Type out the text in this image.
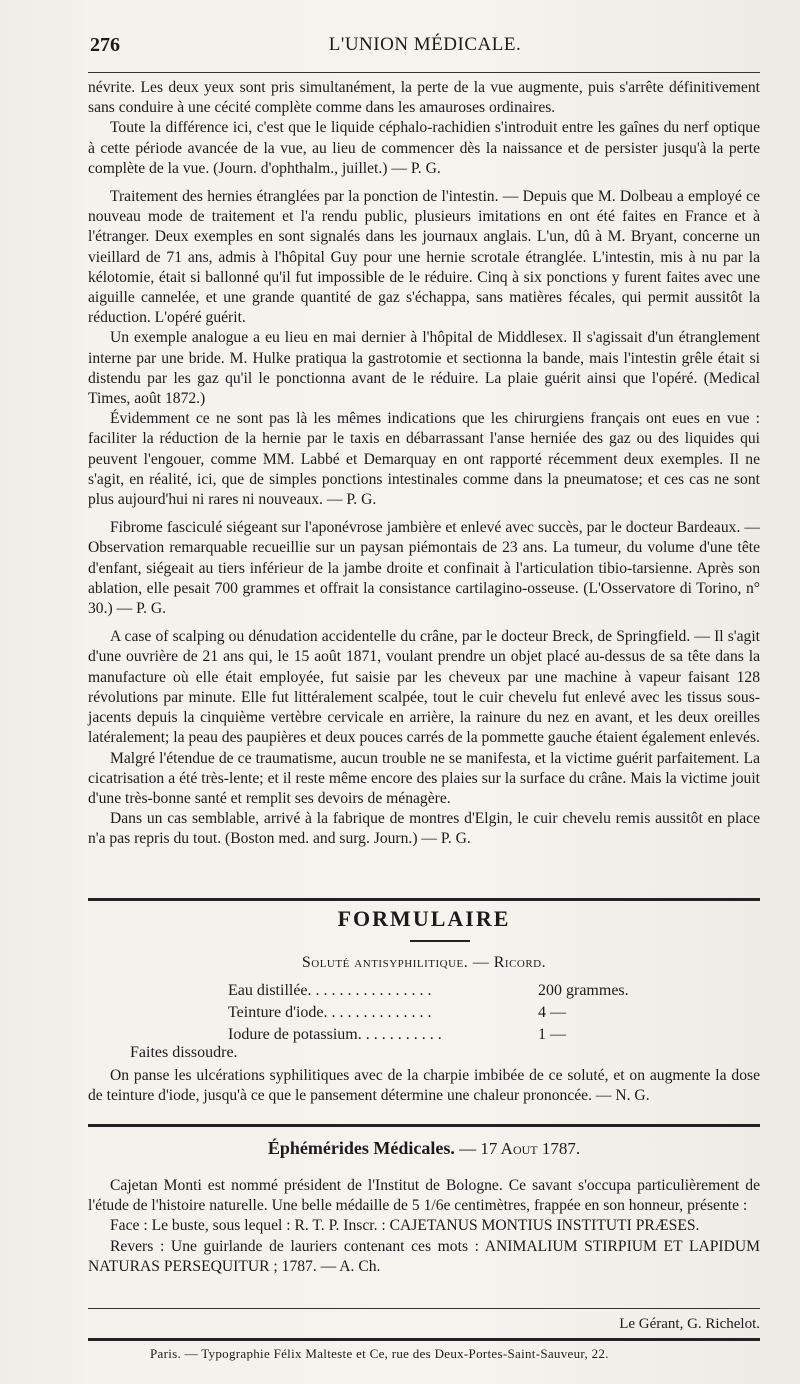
276	L'UNION MÉDICALE.

névrite. Les deux yeux sont pris simultanément, la perte de la vue augmente, puis s'arrête définitivement sans conduire à une cécité complète comme dans les amauroses ordinaires.

Toute la différence ici, c'est que le liquide céphalo-rachidien s'introduit entre les gaînes du nerf optique à cette période avancée de la vue, au lieu de commencer dès la naissance et de persister jusqu'à la perte complète de la vue. (Journ. d'ophthalm., juillet.) — P. G.

Traitement des hernies étranglées par la ponction de l'intestin. — Depuis que M. Dolbeau a employé ce nouveau mode de traitement et l'a rendu public, plusieurs imitations en ont été faites en France et à l'étranger. Deux exemples en sont signalés dans les journaux anglais. L'un, dû à M. Bryant, concerne un vieillard de 71 ans, admis à l'hôpital Guy pour une hernie scrotale étranglée. L'intestin, mis à nu par la kélotomie, était si ballonné qu'il fut impossible de le réduire. Cinq à six ponctions y furent faites avec une aiguille cannelée, et une grande quantité de gaz s'échappa, sans matières fécales, qui permit aussitôt la réduction. L'opéré guérit.

Un exemple analogue a eu lieu en mai dernier à l'hôpital de Middlesex. Il s'agissait d'un étranglement interne par une bride. M. Hulke pratiqua la gastrotomie et sectionna la bande, mais l'intestin grêle était si distendu par les gaz qu'il le ponctionna avant de le réduire. La plaie guérit ainsi que l'opéré. (Medical Times, août 1872.)

Évidemment ce ne sont pas là les mêmes indications que les chirurgiens français ont eues en vue : faciliter la réduction de la hernie par le taxis en débarrassant l'anse herniée des gaz ou des liquides qui peuvent l'engouer, comme MM. Labbé et Demarquay en ont rapporté récemment deux exemples. Il ne s'agit, en réalité, ici, que de simples ponctions intestinales comme dans la pneumatose; et ces cas ne sont plus aujourd'hui ni rares ni nouveaux. — P. G.

Fibrome fasciculé siégeant sur l'aponévrose jambière et enlevé avec succès, par le docteur Bardeaux. — Observation remarquable recueillie sur un paysan piémontais de 23 ans. La tumeur, du volume d'une tête d'enfant, siégeait au tiers inférieur de la jambe droite et confinait à l'articulation tibio-tarsienne. Après son ablation, elle pesait 700 grammes et offrait la consistance cartilagino-osseuse. (L'Osservatore di Torino, n° 30.) — P. G.

A case of scalping ou dénudation accidentelle du crâne, par le docteur Breck, de Springfield. — Il s'agit d'une ouvrière de 21 ans qui, le 15 août 1871, voulant prendre un objet placé au-dessus de sa tête dans la manufacture où elle était employée, fut saisie par les cheveux par une machine à vapeur faisant 128 révolutions par minute. Elle fut littéralement scalpée, tout le cuir chevelu fut enlevé avec les tissus sous-jacents depuis la cinquième vertèbre cervicale en arrière, la rainure du nez en avant, et les deux oreilles latéralement; la peau des paupières et deux pouces carrés de la pommette gauche étaient également enlevés.

Malgré l'étendue de ce traumatisme, aucun trouble ne se manifesta, et la victime guérit parfaitement. La cicatrisation a été très-lente; et il reste même encore des plaies sur la surface du crâne. Mais la victime jouit d'une très-bonne santé et remplit ses devoirs de ménagère.

Dans un cas semblable, arrivé à la fabrique de montres d'Elgin, le cuir chevelu remis aussitôt en place n'a pas repris du tout. (Boston med. and surg. Journ.) — P. G.

FORMULAIRE
Soluté antisyphilitique. — Ricord.
Eau distillée. . . . . . . . . . . . . . . .	200 grammes.
Teinture d'iode. . . . . . . . . . . . . .	4 —
Iodure de potassium. . . . . . . . . . .	1 —
Faites dissoudre.

On panse les ulcérations syphilitiques avec de la charpie imbibée de ce soluté, et on augmente la dose de teinture d'iode, jusqu'à ce que le pansement détermine une chaleur prononcée. — N. G.

Éphémérides Médicales. — 17 Aout 1787.

Cajetan Monti est nommé président de l'Institut de Bologne. Ce savant s'occupa particulièrement de l'étude de l'histoire naturelle. Une belle médaille de 5 1/6e centimètres, frappée en son honneur, présente :

Face : Le buste, sous lequel : R. T. P. Inscr. : CAJETANUS MONTIUS INSTITUTI PRÆSES.

Revers : Une guirlande de lauriers contenant ces mots : ANIMALIUM STIRPIUM ET LAPIDUM NATURAS PERSEQUITUR ; 1787. — A. Ch.

Le Gérant, G. Richelot.
Paris. — Typographie Félix Malteste et Ce, rue des Deux-Portes-Saint-Sauveur, 22.
